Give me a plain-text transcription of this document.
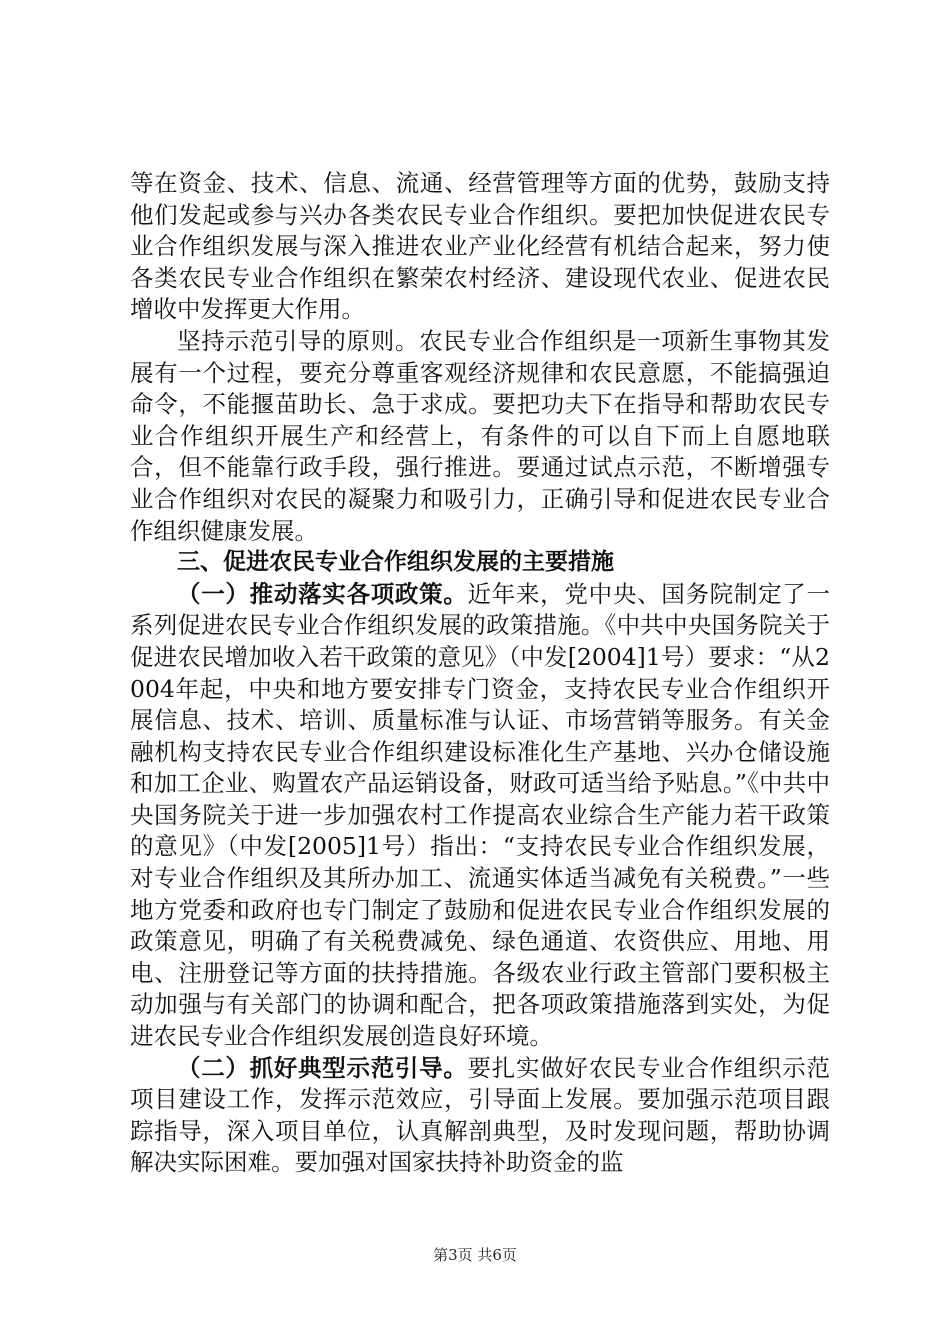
等在资金、技术、信息、流通、经营管理等方面的优势，鼓励支持他们发起或参与兴办各类农民专业合作组织。要把加快促进农民专业合作组织发展与深入推进农业产业化经营有机结合起来，努力使各类农民专业合作组织在繁荣农村经济、建设现代农业、促进农民增收中发挥更大作用。

坚持示范引导的原则。农民专业合作组织是一项新生事物其发展有一个过程，要充分尊重客观经济规律和农民意愿，不能搞强迫命令，不能揠苗助长、急于求成。要把功夫下在指导和帮助农民专业合作组织开展生产和经营上，有条件的可以自下而上自愿地联合，但不能靠行政手段，强行推进。要通过试点示范，不断增强专业合作组织对农民的凝聚力和吸引力，正确引导和促进农民专业合作组织健康发展。

三、促进农民专业合作组织发展的主要措施

（一）推动落实各项政策。近年来，党中央、国务院制定了一系列促进农民专业合作组织发展的政策措施。《中共中央国务院关于促进农民增加收入若干政策的意见》（中发[2004]1号）要求：“从2004年起，中央和地方要安排专门资金，支持农民专业合作组织开展信息、技术、培训、质量标准与认证、市场营销等服务。有关金融机构支持农民专业合作组织建设标准化生产基地、兴办仓储设施和加工企业、购置农产品运销设备，财政可适当给予贴息。”《中共中央国务院关于进一步加强农村工作提高农业综合生产能力若干政策的意见》（中发[2005]1号）指出：“支持农民专业合作组织发展，对专业合作组织及其所办加工、流通实体适当减免有关税费。”一些地方党委和政府也专门制定了鼓励和促进农民专业合作组织发展的政策意见，明确了有关税费减免、绿色通道、农资供应、用地、用电、注册登记等方面的扶持措施。各级农业行政主管部门要积极主动加强与有关部门的协调和配合，把各项政策措施落到实处，为促进农民专业合作组织发展创造良好环境。

（二）抓好典型示范引导。要扎实做好农民专业合作组织示范项目建设工作，发挥示范效应，引导面上发展。要加强示范项目跟踪指导，深入项目单位，认真解剖典型，及时发现问题，帮助协调解决实际困难。要加强对国家扶持补助资金的监

第3页 共6页
